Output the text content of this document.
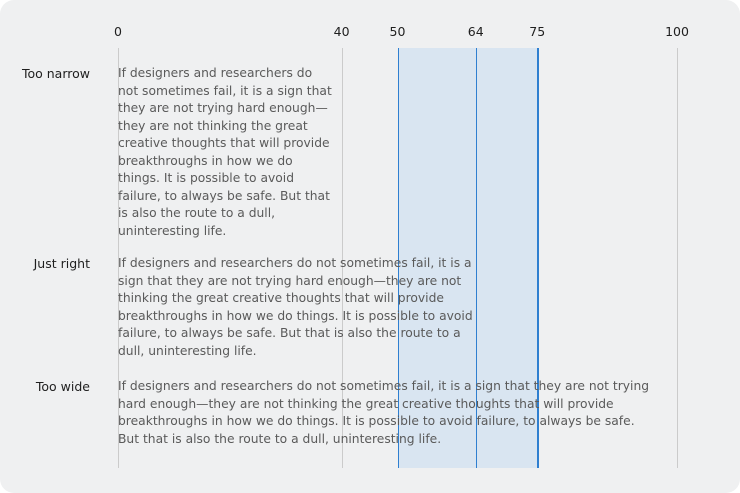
0	40	50	64	75	100
Too narrow If designers and researchers do not sometimes fail, it is a sign that they are not trying hard enough—they are not thinking the great creative thoughts that will provide breakthroughs in how we do things. It is possible to avoid failure, to always be safe. But that is also the route to a dull, uninteresting life.

Just right If designers and researchers do not sometimes fail, it is a sign that they are not trying hard enough—they are not thinking the great creative thoughts that will provide breakthroughs in how we do things. It is possible to avoid failure, to always be safe. But that is also the route to a dull, uninteresting life.

Too wide If designers and researchers do not sometimes fail, it is a sign that they are not trying hard enough—they are not thinking the great creative thoughts that will provide breakthroughs in how we do things. It is possible to avoid failure, to always be safe. But that is also the route to a dull, uninteresting life.
